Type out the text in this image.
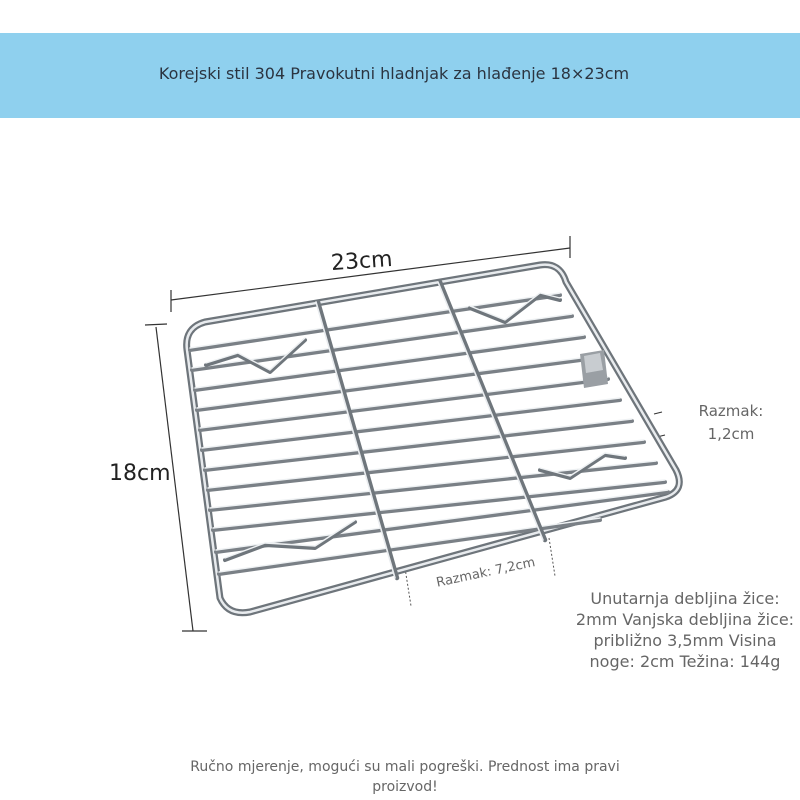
Korejski stil 304 Pravokutni hladnjak za hlađenje 18×23cm
23cm
18cm
Razmak:
1,2cm
Razmak: 7,2cm
Unutarnja debljina žice: 2mm Vanjska debljina žice: približno 3,5mm Visina noge: 2cm Težina: 144g
Ručno mjerenje, mogući su mali pogreški. Prednost ima pravi proizvod!
